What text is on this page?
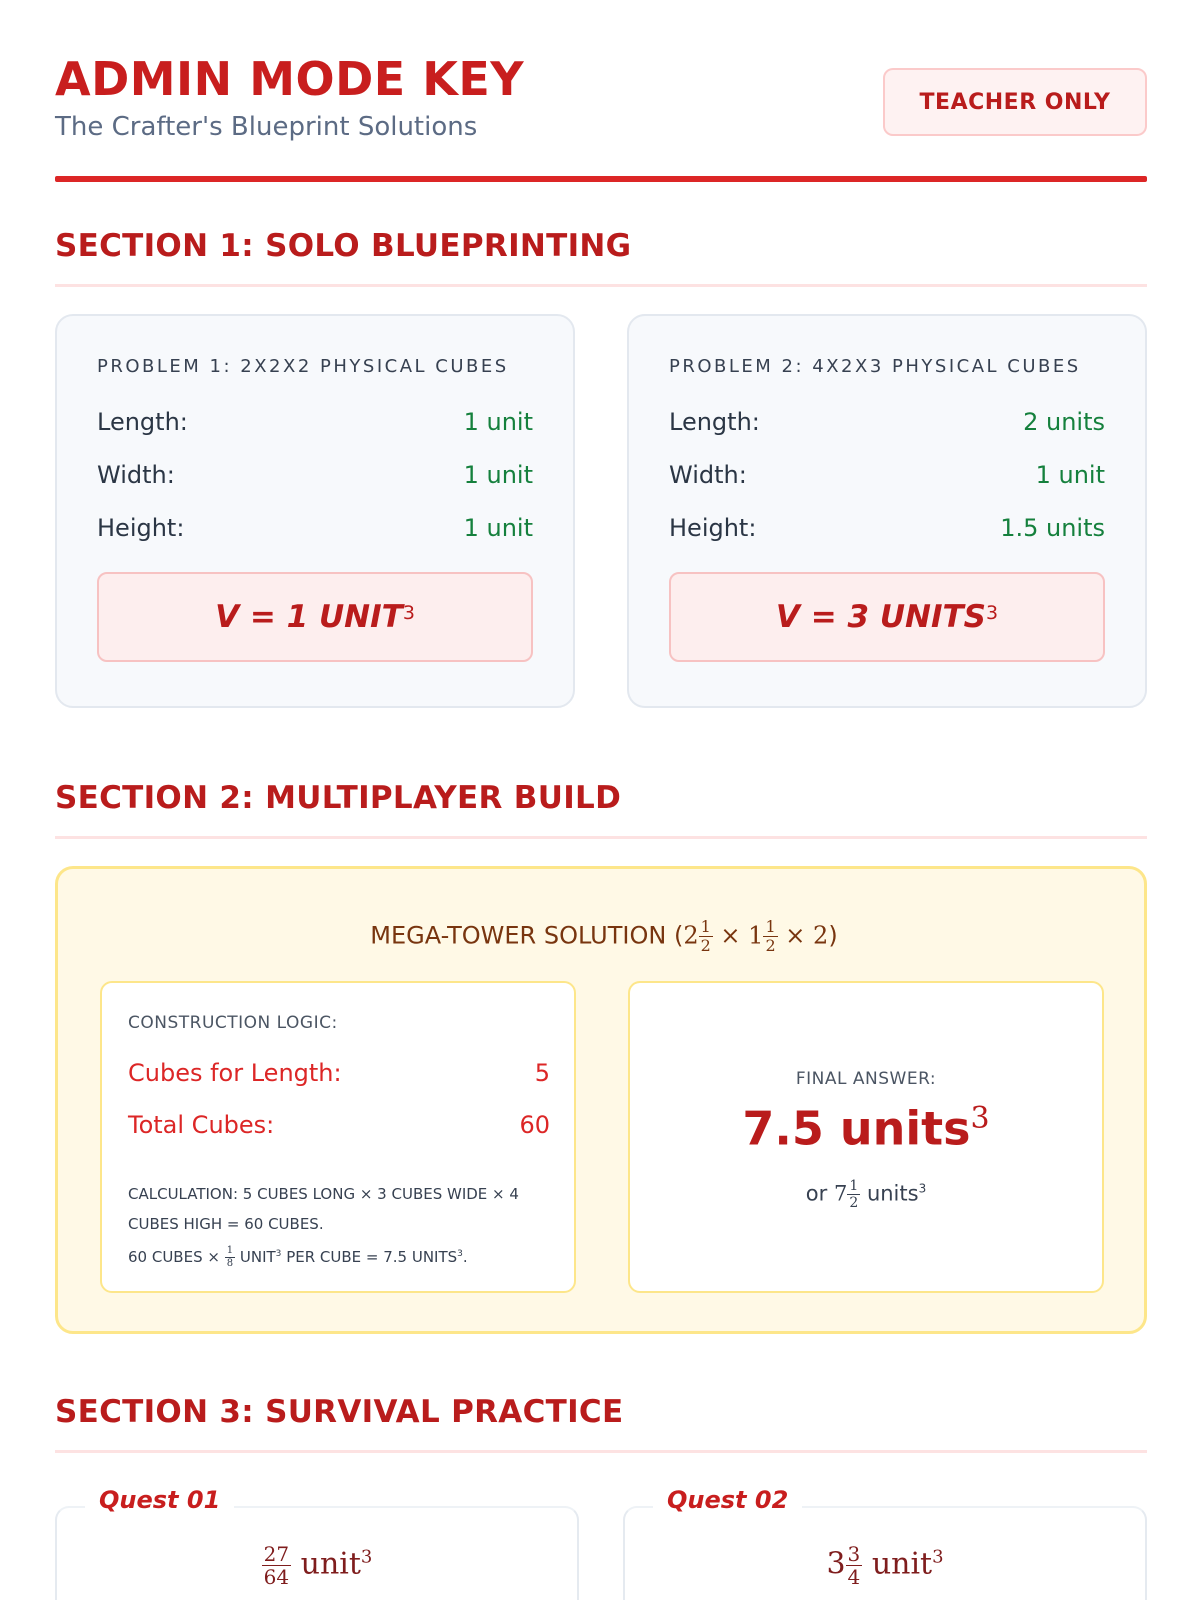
ADMIN MODE KEY
The Crafter's Blueprint Solutions
TEACHER ONLY
SECTION 1: SOLO BLUEPRINTING
PROBLEM 1: 2X2X2 PHYSICAL CUBES
Length:	1 unit
Width:	1 unit
Height:	1 unit
V = 1 UNIT$^3$
PROBLEM 2: 4X2X3 PHYSICAL CUBES
Length:	2 units
Width:	1 unit
Height:	1.5 units
V = 3 UNITS$^3$
SECTION 2: MULTIPLAYER BUILD
MEGA-TOWER SOLUTION $(2 \frac{1}{2} \times 1 \frac{1}{2} \times 2)$
CONSTRUCTION LOGIC:
Cubes for Length:	5
Total Cubes:	60
CALCULATION: 5 CUBES LONG × 3 CUBES WIDE × 4 CUBES HIGH = 60 CUBES.
60 CUBES × $\frac{1}{8}$ UNIT$^3$ PER CUBE = 7.5 UNITS$^3$.
FINAL ANSWER:
7.5 units$^3$
or $7 \frac{1}{2}$ units$^3$
SECTION 3: SURVIVAL PRACTICE
Quest 01
$\frac{27}{64}$ unit$^3$
Quest 02
$3 \frac{3}{4}$ unit$^3$
